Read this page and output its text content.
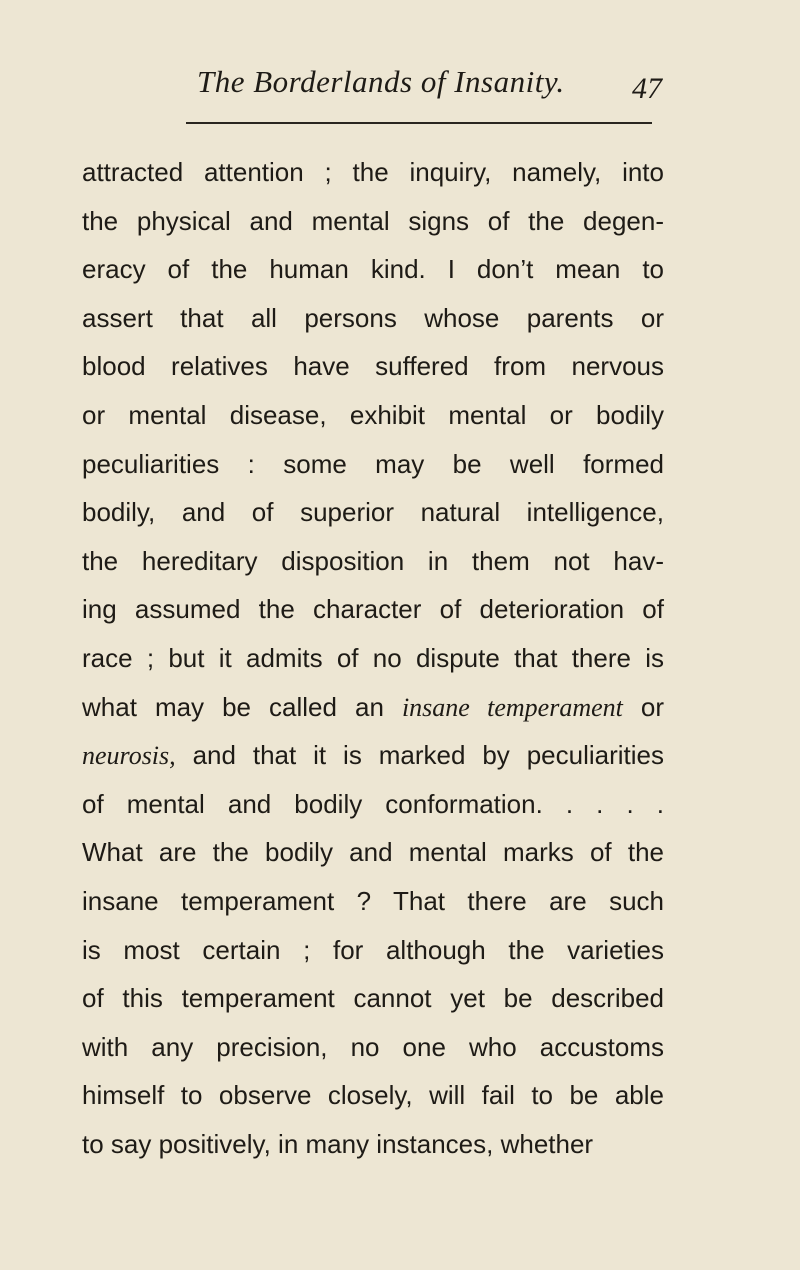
The Borderlands of Insanity. 47
attracted attention ; the inquiry, namely, into
the physical and mental signs of the degen-
eracy of the human kind. I don’t mean to
assert that all persons whose parents or
blood relatives have suffered from nervous
or mental disease, exhibit mental or bodily
peculiarities : some may be well formed
bodily, and of superior natural intelligence,
the hereditary disposition in them not hav-
ing assumed the character of deterioration of
race ; but it admits of no dispute that there is
what may be called an insane temperament or
neurosis, and that it is marked by peculiarities
of mental and bodily conformation. . . . .
What are the bodily and mental marks of the
insane temperament ? That there are such
is most certain ; for although the varieties
of this temperament cannot yet be described
with any precision, no one who accustoms
himself to observe closely, will fail to be able
to say positively, in many instances, whether
